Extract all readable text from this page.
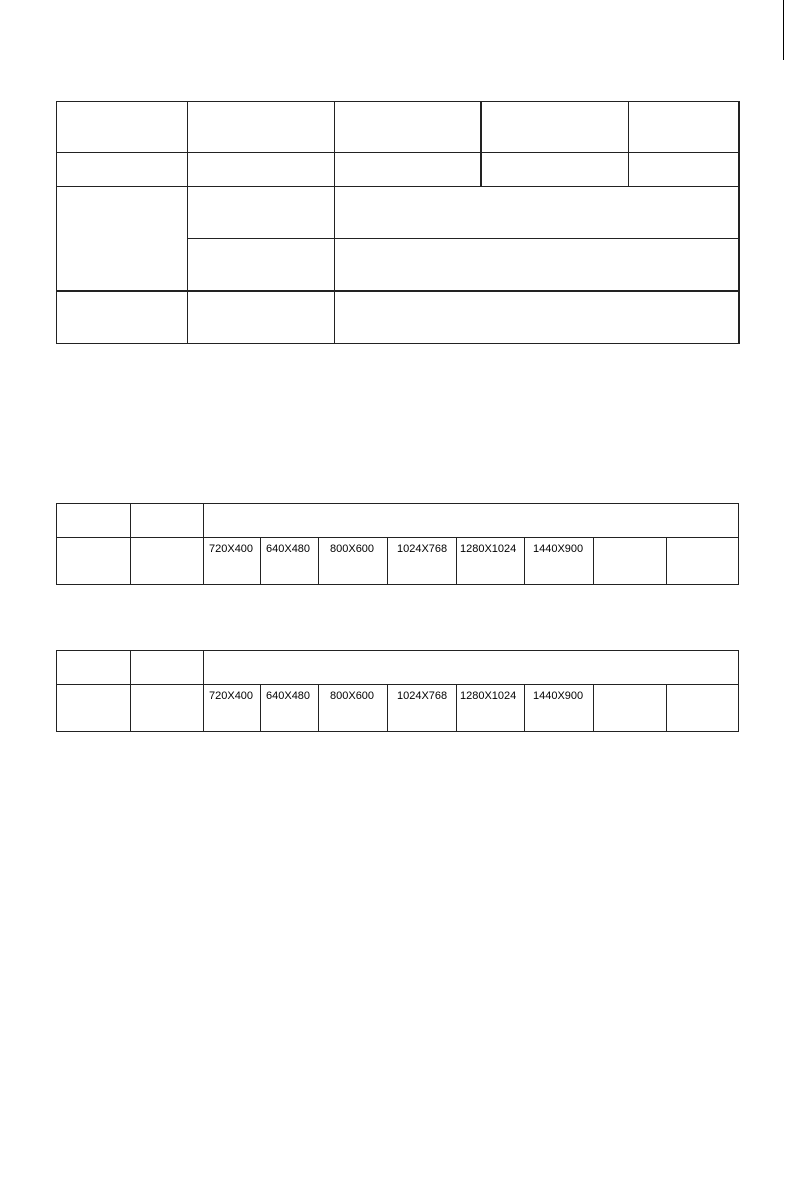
		720X400	640X480	800X600	1024X768	1280X1024	1440X900		

		720X400	640X480	800X600	1024X768	1280X1024	1440X900		
